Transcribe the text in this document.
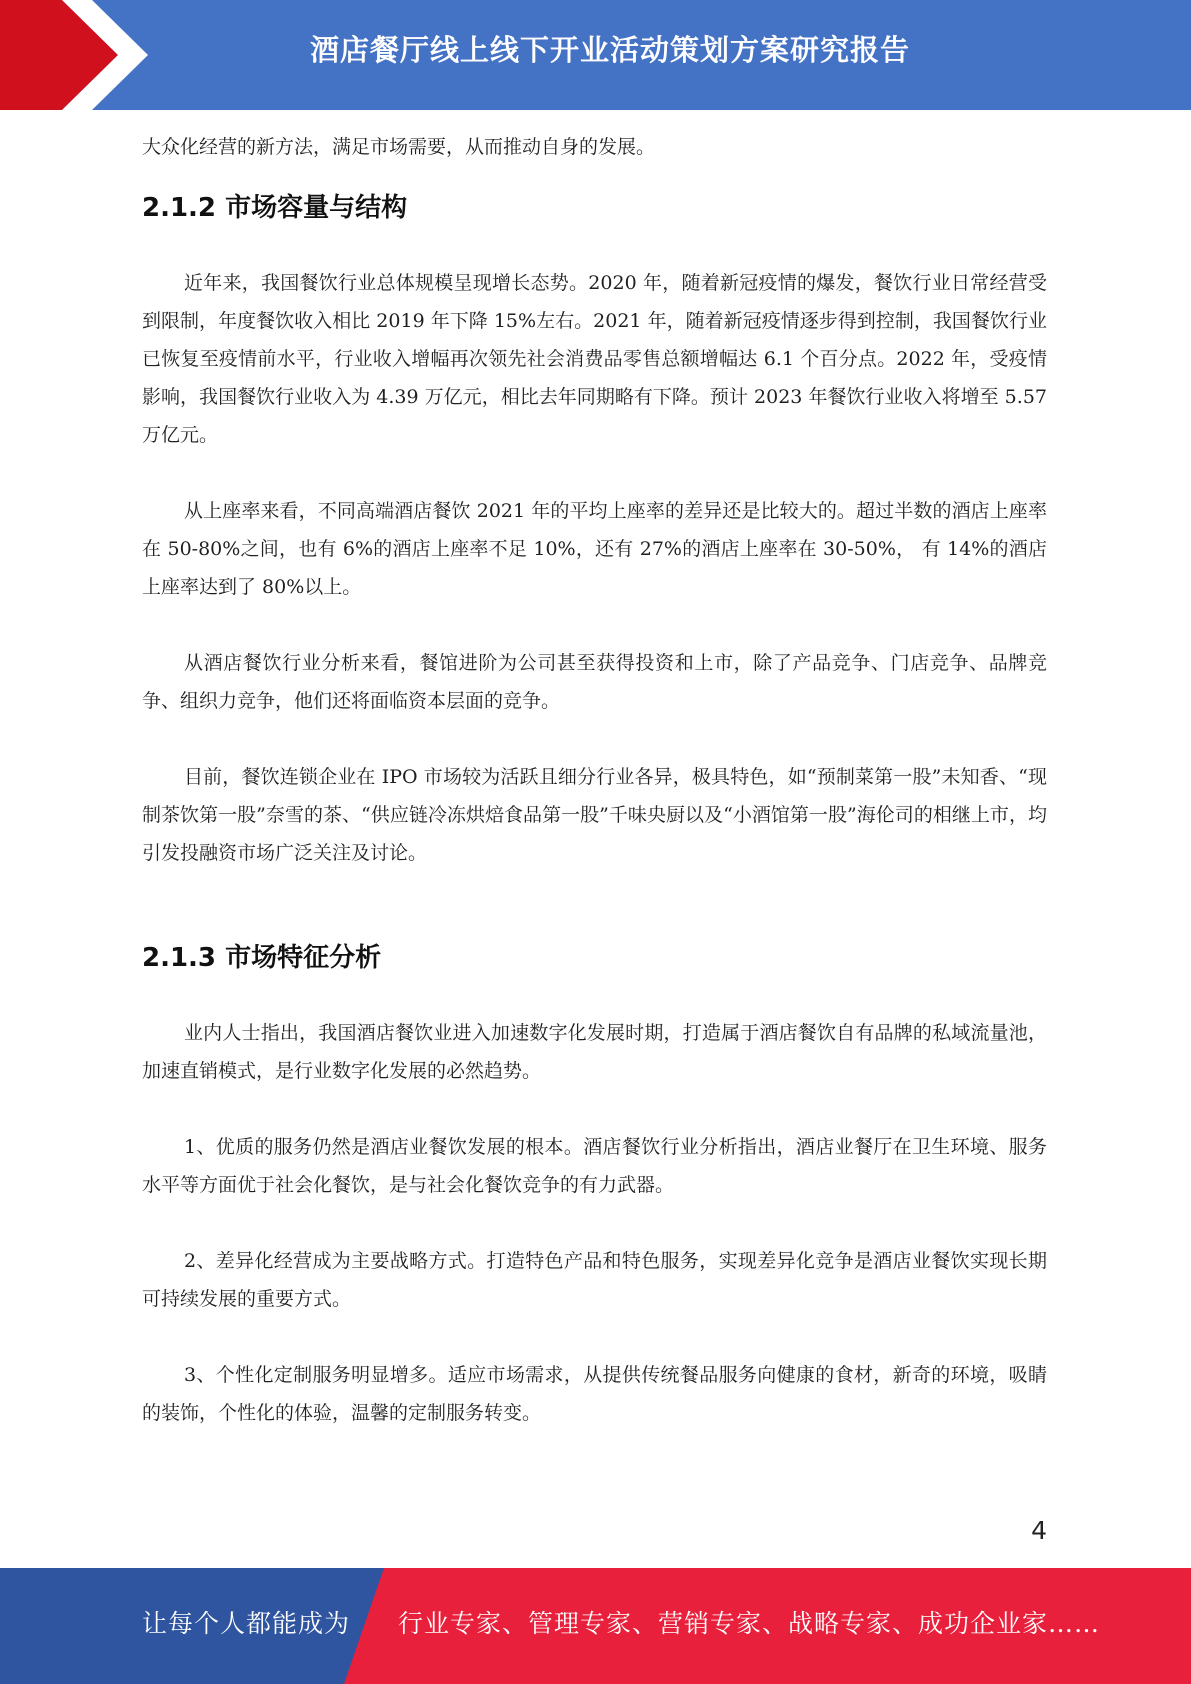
酒店餐厅线上线下开业活动策划方案研究报告

大众化经营的新方法，满足市场需要，从而推动自身的发展。

2.1.2 市场容量与结构

近年来，我国餐饮行业总体规模呈现增长态势。2020 年，随着新冠疫情的爆发，餐饮行业日常经营受到限制，年度餐饮收入相比 2019 年下降 15%左右。2021 年，随着新冠疫情逐步得到控制，我国餐饮行业已恢复至疫情前水平，行业收入增幅再次领先社会消费品零售总额增幅达 6.1 个百分点。2022 年，受疫情影响，我国餐饮行业收入为 4.39 万亿元，相比去年同期略有下降。预计 2023 年餐饮行业收入将增至 5.57 万亿元。

从上座率来看，不同高端酒店餐饮 2021 年的平均上座率的差异还是比较大的。超过半数的酒店上座率在 50-80%之间，也有 6%的酒店上座率不足 10%，还有 27%的酒店上座率在 30-50%， 有 14%的酒店上座率达到了 80%以上。

从酒店餐饮行业分析来看，餐馆进阶为公司甚至获得投资和上市，除了产品竞争、门店竞争、品牌竞争、组织力竞争，他们还将面临资本层面的竞争。

目前，餐饮连锁企业在 IPO 市场较为活跃且细分行业各异，极具特色，如“预制菜第一股”未知香、“现制茶饮第一股”奈雪的茶、“供应链冷冻烘焙食品第一股”千味央厨以及“小酒馆第一股”海伦司的相继上市，均引发投融资市场广泛关注及讨论。

2.1.3 市场特征分析

业内人士指出，我国酒店餐饮业进入加速数字化发展时期，打造属于酒店餐饮自有品牌的私域流量池，加速直销模式，是行业数字化发展的必然趋势。

1、优质的服务仍然是酒店业餐饮发展的根本。酒店餐饮行业分析指出，酒店业餐厅在卫生环境、服务水平等方面优于社会化餐饮，是与社会化餐饮竞争的有力武器。

2、差异化经营成为主要战略方式。打造特色产品和特色服务，实现差异化竞争是酒店业餐饮实现长期可持续发展的重要方式。

3、个性化定制服务明显增多。适应市场需求，从提供传统餐品服务向健康的食材，新奇的环境，吸睛的装饰，个性化的体验，温馨的定制服务转变。

4
让每个人都能成为 行业专家、管理专家、营销专家、战略专家、成功企业家……
